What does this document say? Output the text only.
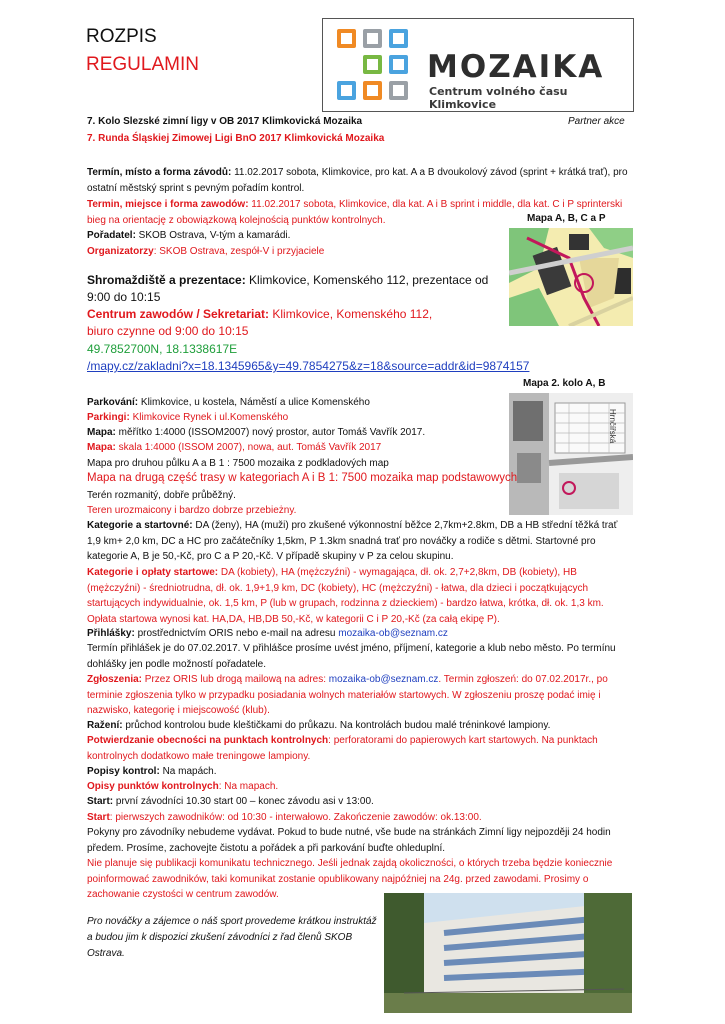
ROZPIS
REGULAMIN	MOZAIKA
Centrum volného času Klimkovice
7. Kolo Slezské zimní ligy v OB 2017 Klimkovická Mozaika	Partner akce
7. Runda Śląskiej Zimowej Ligi BnO 2017 Klimkovická Mozaika
Termín, místo a forma závodů: 11.02.2017 sobota, Klimkovice, pro kat. A a B dvoukolový závod (sprint + krátká trať), pro ostatní městský sprint s pevným pořadím kontrol.
Termin, miejsce i forma zawodów: 11.02.2017 sobota, Klimkovice, dla kat. A i B sprint i middle, dla kat. C i P sprinterski bieg na orientację z obowiązkową kolejnością punktów kontrolnych.
Pořadatel: SKOB Ostrava, V-tým a kamarádi.
Organizatorzy: SKOB Ostrava, zespół-V i przyjaciele
Mapa A, B, C a P
Shromaždiště a prezentace: Klimkovice, Komenského 112, prezentace od 9:00 do 10:15
Centrum zawodów / Sekretariat: Klimkovice, Komenského 112, biuro czynne od 9:00 do 10:15
49.7852700N, 18.1338617E
/mapy.cz/zakladni?x=18.1345965&y=49.7854275&z=18&source=addr&id=9874157
Mapa 2. kolo A, B
Hrnčířská
Parkování: Klimkovice, u kostela, Náměstí a ulice Komenského
Parkingi: Klimkovice Rynek i ul.Komenského
Mapa: měřítko 1:4000 (ISSOM2007) nový prostor, autor Tomáš Vavřík 2017.
Mapa: skala 1:4000 (ISSOM 2007), nowa, aut. Tomáš Vavřík 2017
Mapa pro druhou půlku A a B 1 : 7500 mozaika z podkladových map
Mapa na drugą część trasy w kategoriach A i B 1: 7500 mozaika map podstawowych
Terén rozmanitý, dobře průběžný.
Teren urozmaicony i bardzo dobrze przebieżny.
Kategorie a startovné: DA (ženy), HA (muži) pro zkušené výkonnostní běžce 2,7km+2.8km, DB a HB střední těžká trať 1,9 km+ 2,0 km, DC a HC pro začátečníky 1,5km, P 1.3km snadná trať pro nováčky a rodiče s dětmi. Startovné pro kategorie A, B je 50,-Kč, pro C a P 20,-Kč. V případě skupiny v P za celou skupinu.
Kategorie i opłaty startowe: DA (kobiety), HA (mężczyźni) - wymagająca, dł. ok. 2,7+2,8km, DB (kobiety), HB (mężczyźni) - średniotrudna, dł. ok. 1,9+1,9 km, DC (kobiety), HC (mężczyźni) - łatwa, dla dzieci i początkujących startujących indywidualnie, ok. 1,5 km, P (lub w grupach, rodzinna z dzieckiem) - bardzo łatwa, krótka, dł. ok. 1,3 km. Opłata startowa wynosi kat. HA,DA, HB,DB 50,-Kč, w kategorii C i P 20,-Kč (za całą ekipę P).
Přihlášky: prostřednictvím ORIS nebo e-mail na adresu mozaika-ob@seznam.cz
Termín přihlášek je do 07.02.2017. V přihlášce prosíme uvést jméno, příjmení, kategorie a klub nebo město. Po termínu dohlášky jen podle možností pořadatele.
Zgłoszenia: Przez ORIS lub drogą mailową na adres: mozaika-ob@seznam.cz. Termin zgłoszeń: do 07.02.2017r., po terminie zgłoszenia tylko w przypadku posiadania wolnych materiałów startowych. W zgłoszeniu proszę podać imię i nazwisko, kategorię i miejscowość (klub).
Ražení: průchod kontrolou bude kleštičkami do průkazu. Na kontrolách budou malé tréninkové lampiony.
Potwierdzanie obecności na punktach kontrolnych: perforatorami do papierowych kart startowych. Na punktach kontrolnych dodatkowo małe treningowe lampiony.
Popisy kontrol: Na mapách.
Opisy punktów kontrolnych: Na mapach.
Start: první závodníci 10.30 start 00 – konec závodu asi v 13:00.
Start: pierwszych zawodników: od 10:30 - interwałowo. Zakończenie zawodów: ok.13:00.
Pokyny pro závodníky nebudeme vydávat. Pokud to bude nutné, vše bude na stránkách Zimní ligy nejpozději 24 hodin předem. Prosíme, zachovejte čistotu a pořádek a při parkování buďte ohleduplní.
Nie planuje się publikacji komunikatu technicznego. Jeśli jednak zajdą okoliczności, o których trzeba będzie koniecznie poinformować zawodników, taki komunikat zostanie opublikowany najpóźniej na 24g. przed zawodami. Prosimy o zachowanie czystości w centrum zawodów.
Pro nováčky a zájemce o náš sport provedeme krátkou instruktáž a budou jim k dispozici zkušení závodníci z řad členů SKOB Ostrava.
